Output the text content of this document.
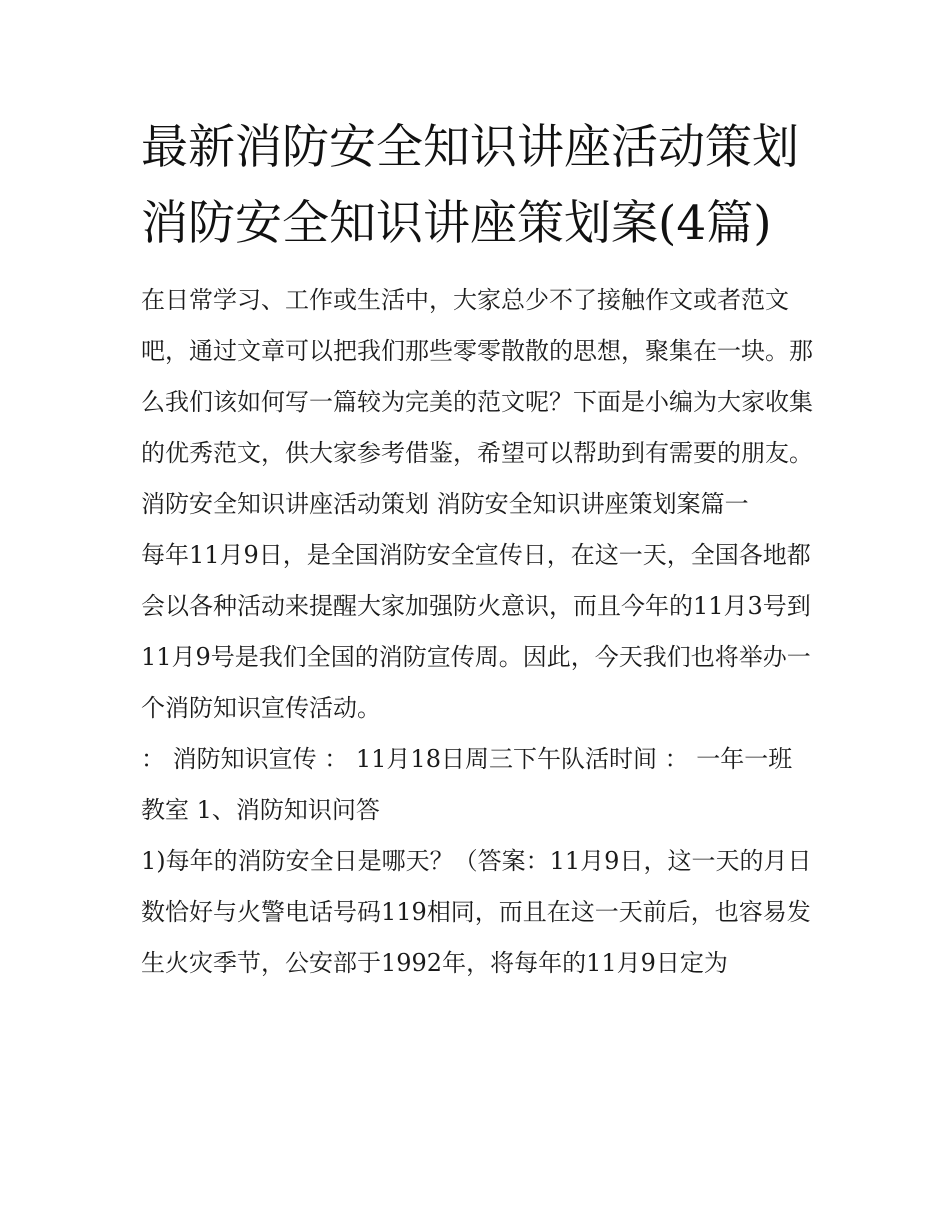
最新消防安全知识讲座活动策划 消防安全知识讲座策划案(4篇)

在日常学习、工作或生活中，大家总少不了接触作文或者范文吧，通过文章可以把我们那些零零散散的思想，聚集在一块。那么我们该如何写一篇较为完美的范文呢？下面是小编为大家收集的优秀范文，供大家参考借鉴，希望可以帮助到有需要的朋友。

消防安全知识讲座活动策划 消防安全知识讲座策划案篇一

每年11月9日，是全国消防安全宣传日，在这一天，全国各地都会以各种活动来提醒大家加强防火意识，而且今年的11月3号到11月9号是我们全国的消防宣传周。因此，今天我们也将举办一个消防知识宣传活动。

： 消防知识宣传 ： 11月18日周三下午队活时间 ： 一年一班教室 1、消防知识问答

1)每年的消防安全日是哪天？（答案：11月9日，这一天的月日数恰好与火警电话号码119相同，而且在这一天前后，也容易发生火灾季节，公安部于1992年，将每年的11月9日定为
